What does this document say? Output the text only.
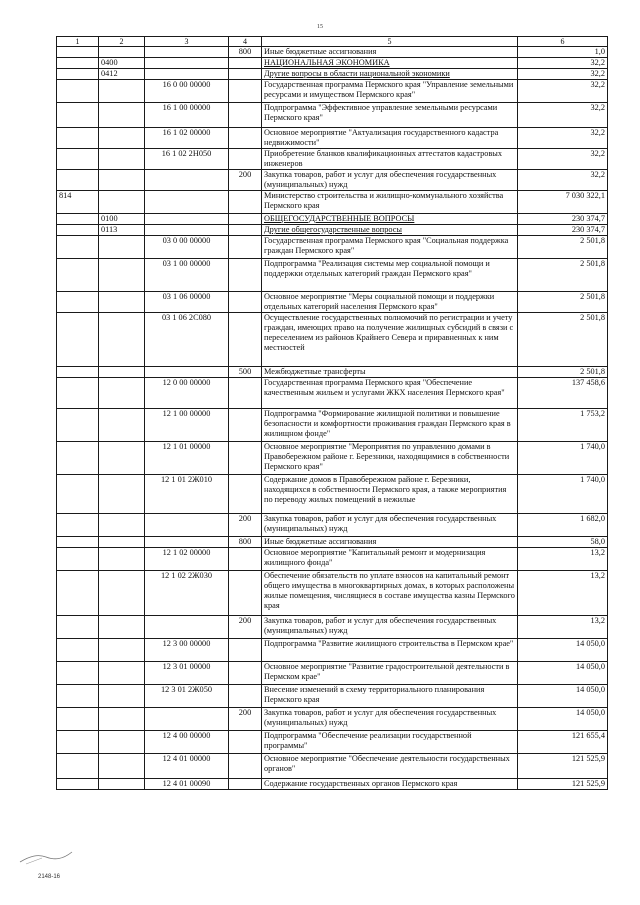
15
1	2	3	4	5	6
			800	Иные бюджетные ассигнования	1,0
	0400			НАЦИОНАЛЬНАЯ ЭКОНОМИКА	32,2
	0412			Другие вопросы в области национальной экономики	32,2
		16 0 00 00000		Государственная программа Пермского края "Управление земельными ресурсами и имуществом Пермского края"	32,2
		16 1 00 00000		Подпрограмма "Эффективное управление земельными ресурсами Пермского края"	32,2
		16 1 02 00000		Основное мероприятие "Актуализация государственного кадастра недвижимости"	32,2
		16 1 02 2Н050		Приобретение бланков квалификационных аттестатов кадастровых инженеров	32,2
			200	Закупка товаров, работ и услуг для обеспечения государственных (муниципальных) нужд	32,2
814				Министерство строительства и жилищно-коммунального хозяйства Пермского края	7 030 322,1
	0100			ОБЩЕГОСУДАРСТВЕННЫЕ ВОПРОСЫ	230 374,7
	0113			Другие общегосударственные вопросы	230 374,7
		03 0 00 00000		Государственная программа Пермского края "Социальная поддержка граждан Пермского края"	2 501,8
		03 1 00 00000		Подпрограмма "Реализация системы мер социальной помощи и поддержки отдельных категорий граждан Пермского края"	2 501,8
		03 1 06 00000		Основное мероприятие "Меры социальной помощи и поддержки отдельных категорий населения Пермского края"	2 501,8
		03 1 06 2С080		Осуществление государственных полномочий по регистрации и учету граждан, имеющих право на получение жилищных субсидий в связи с переселением из районов Крайнего Севера и приравненных к ним местностей	2 501,8
			500	Межбюджетные трансферты	2 501,8
		12 0 00 00000		Государственная программа Пермского края "Обеспечение качественным жильем и услугами ЖКХ населения Пермского края"	137 458,6
		12 1 00 00000		Подпрограмма "Формирование жилищной политики и повышение безопасности и комфортности проживания граждан Пермского края в жилищном фонде"	1 753,2
		12 1 01 00000		Основное мероприятие "Мероприятия по управлению домами в Правобережном районе г. Березники, находящимися в собственности Пермского края"	1 740,0
		12 1 01 2Ж010		Содержание домов в Правобережном районе г. Березники, находящихся в собственности Пермского края, а также мероприятия по переводу жилых помещений в нежилые	1 740,0
			200	Закупка товаров, работ и услуг для обеспечения государственных (муниципальных) нужд	1 682,0
			800	Иные бюджетные ассигнования	58,0
		12 1 02 00000		Основное мероприятие "Капитальный ремонт и модернизация жилищного фонда"	13,2
		12 1 02 2Ж030		Обеспечение обязательств по уплате взносов на капитальный ремонт общего имущества в многоквартирных домах, в которых расположены жилые помещения, числящиеся в составе имущества казны Пермского края	13,2
			200	Закупка товаров, работ и услуг для обеспечения государственных (муниципальных) нужд	13,2
		12 3 00 00000		Подпрограмма "Развитие жилищного строительства в Пермском крае"	14 050,0
		12 3 01 00000		Основное мероприятие "Развитие градостроительной деятельности в Пермском крае"	14 050,0
		12 3 01 2Ж050		Внесение изменений в схему территориального планирования Пермского края	14 050,0
			200	Закупка товаров, работ и услуг для обеспечения государственных (муниципальных) нужд	14 050,0
		12 4 00 00000		Подпрограмма "Обеспечение реализации государственной программы"	121 655,4
		12 4 01 00000		Основное мероприятие "Обеспечение деятельности государственных органов"	121 525,9
		12 4 01 00090		Содержание государственных органов Пермского края	121 525,9
2148-16
